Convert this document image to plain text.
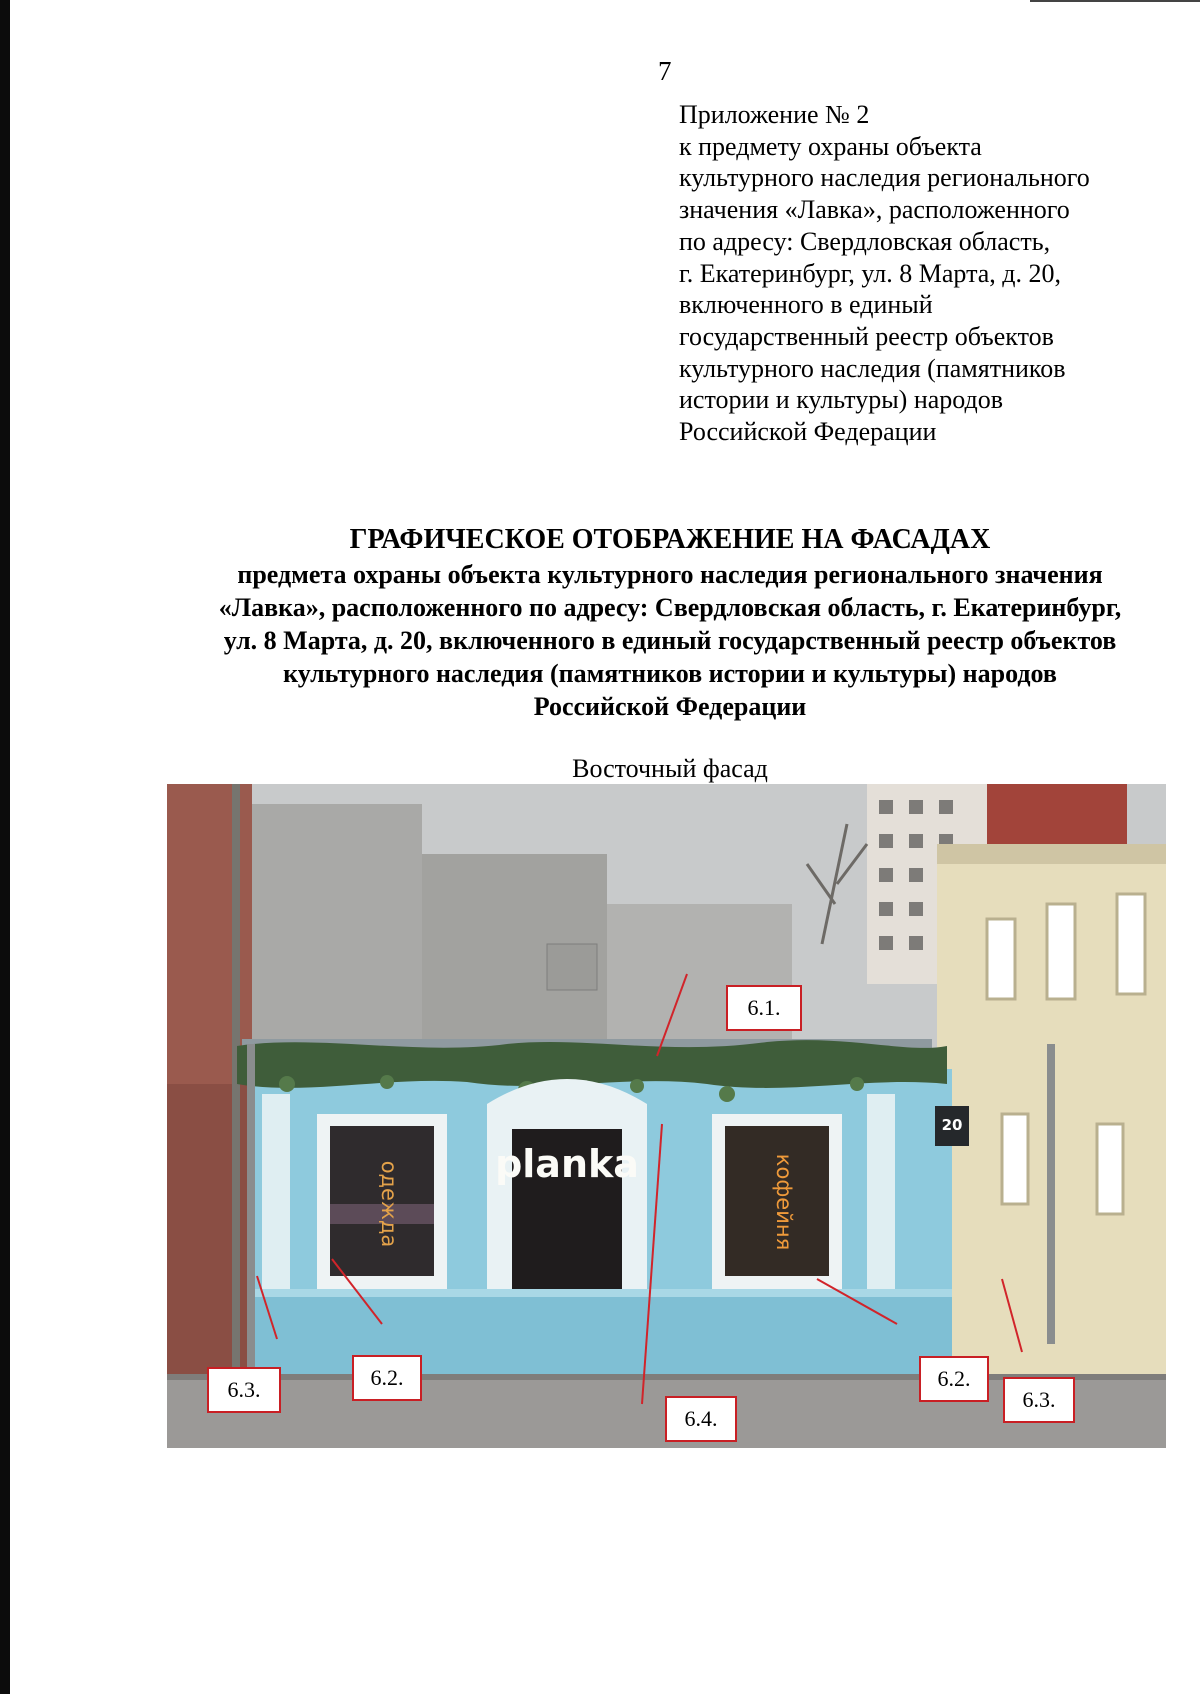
7
Приложение № 2
к предмету охраны объекта
культурного наследия регионального
значения «Лавка», расположенного
по адресу: Свердловская область,
г. Екатеринбург, ул. 8 Марта, д. 20,
включенного в единый
государственный реестр объектов
культурного наследия (памятников
истории и культуры) народов
Российской Федерации
ГРАФИЧЕСКОЕ ОТОБРАЖЕНИЕ НА ФАСАДАХ
предмета охраны объекта культурного наследия регионального значения
«Лавка», расположенного по адресу: Свердловская область, г. Екатеринбург,
ул. 8 Марта, д. 20, включенного в единый государственный реестр объектов
культурного наследия (памятников истории и культуры) народов
Российской Федерации
Восточный фасад
одежда	кофейня
planka
20
6.1.
6.2.	6.2.
6.3.	6.3.
6.4.
